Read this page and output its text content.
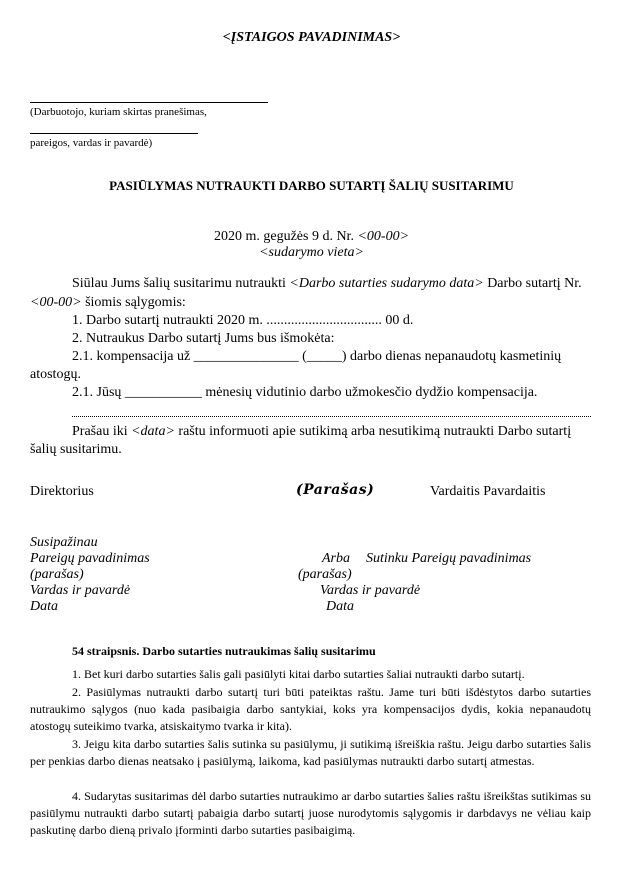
<ĮSTAIGOS PAVADINIMAS>
(Darbuotojo, kuriam skirtas pranešimas,
pareigos, vardas ir pavardė)
PASIŪLYMAS NUTRAUKTI DARBO SUTARTĮ ŠALIŲ SUSITARIMU
2020 m. gegužės 9 d. Nr. <00-00>
<sudarymo vieta>
Siūlau Jums šalių susitarimu nutraukti <Darbo sutarties sudarymo data> Darbo sutartį Nr.
<00-00> šiomis sąlygomis:
1. Darbo sutartį nutraukti 2020 m. ................................. 00 d.
2. Nutraukus Darbo sutartį Jums bus išmokėta:
2.1. kompensacija už _______________ (_____) darbo dienas nepanaudotų kasmetinių
atostogų.
2.1. Jūsų ___________ mėnesių vidutinio darbo užmokesčio dydžio kompensacija.
Prašau iki <data> raštu informuoti apie sutikimą arba nesutikimą nutraukti Darbo sutartį
šalių susitarimu.
Direktorius	(Parašas)	Vardaitis Pavardaitis
Susipažinau
Pareigų pavadinimas
(parašas)
Vardas ir pavardė
Data
Arba Sutinku Pareigų pavadinimas
(parašas)
Vardas ir pavardė
Data
54 straipsnis. Darbo sutarties nutraukimas šalių susitarimu
1. Bet kuri darbo sutarties šalis gali pasiūlyti kitai darbo sutarties šaliai nutraukti darbo sutartį.
2. Pasiūlymas nutraukti darbo sutartį turi būti pateiktas raštu. Jame turi būti išdėstytos darbo sutarties nutraukimo sąlygos (nuo kada pasibaigia darbo santykiai, koks yra kompensacijos dydis, kokia nepanaudotų atostogų suteikimo tvarka, atsiskaitymo tvarka ir kita).
3. Jeigu kita darbo sutarties šalis sutinka su pasiūlymu, ji sutikimą išreiškia raštu. Jeigu darbo sutarties šalis per penkias darbo dienas neatsako į pasiūlymą, laikoma, kad pasiūlymas nutraukti darbo sutartį atmestas.
4. Sudarytas susitarimas dėl darbo sutarties nutraukimo ar darbo sutarties šalies raštu išreikštas sutikimas su pasiūlymu nutraukti darbo sutartį pabaigia darbo sutartį juose nurodytomis sąlygomis ir darbdavys ne vėliau kaip paskutinę darbo dieną privalo įforminti darbo sutarties pasibaigimą.
